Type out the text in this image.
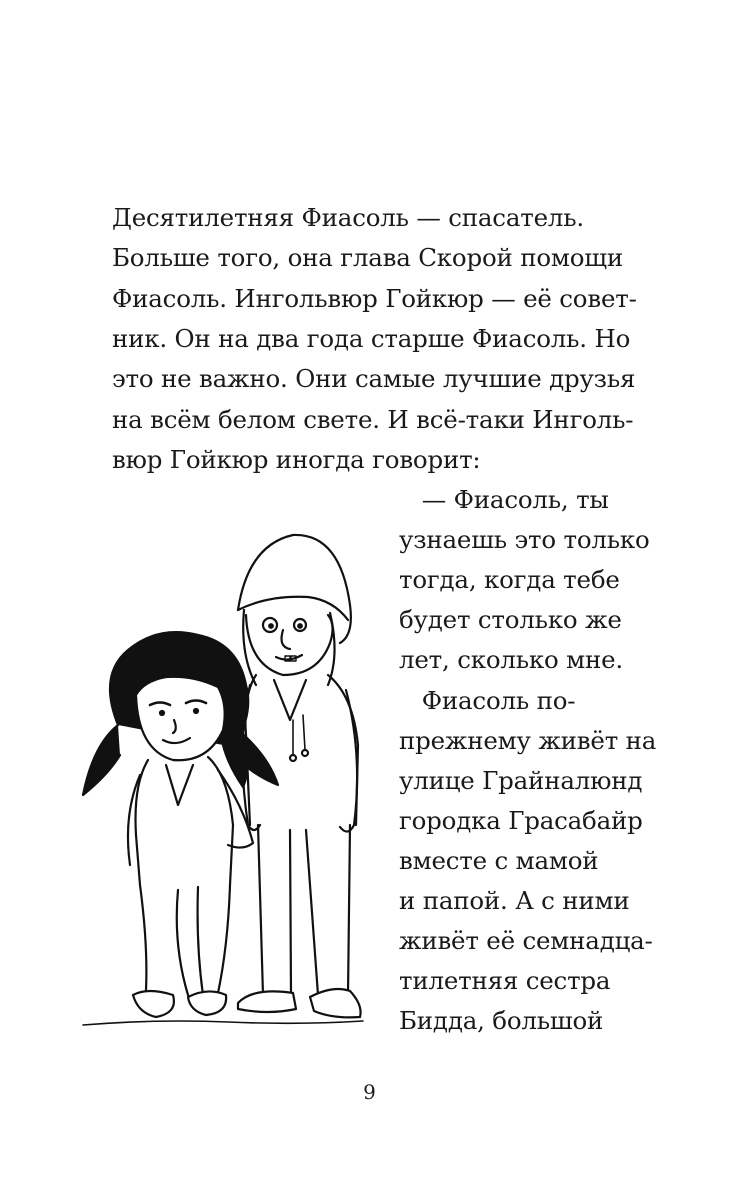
Десятилетняя Фиасоль — спасатель.
Больше того, она глава Скорой помощи
Фиасоль. Ингольвюр Гойкюр — её совет-
ник. Он на два года старше Фиасоль. Но
это не важно. Они самые лучшие друзья
на всём белом свете. И всё-таки Инголь-
вюр Гойкюр иногда говорит:
— Фиасоль, ты
узнаешь это только
тогда, когда тебе
будет столько же
лет, сколько мне.
Фиасоль по-
прежнему живёт на
улице Грайналюнд
городка Грасабайр
вместе с мамой
и папой. А с ними
живёт её семнадца-
тилетняя сестра
Бидда, большой
9
